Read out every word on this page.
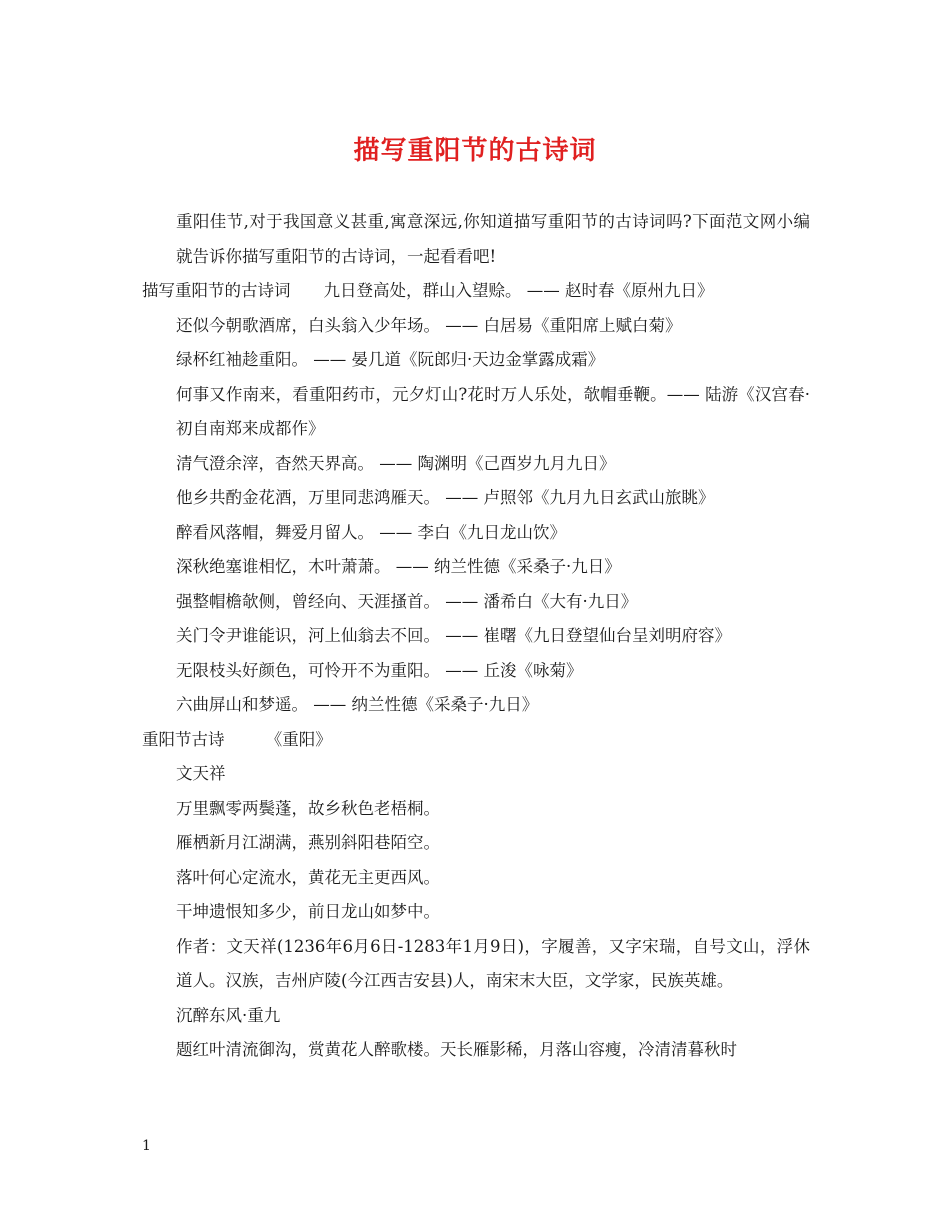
描写重阳节的古诗词

重阳佳节,对于我国意义甚重,寓意深远,你知道描写重阳节的古诗词吗?下面范文网小编就告诉你描写重阳节的古诗词，一起看看吧!

描写重阳节的古诗词　　九日登高处，群山入望赊。 —— 赵时春《原州九日》

还似今朝歌酒席，白头翁入少年场。 —— 白居易《重阳席上赋白菊》

绿杯红袖趁重阳。 —— 晏几道《阮郎归·天边金掌露成霜》

何事又作南来，看重阳药市，元夕灯山?花时万人乐处，欹帽垂鞭。—— 陆游《汉宫春·初自南郑来成都作》

清气澄余滓，杳然天界高。 —— 陶渊明《己酉岁九月九日》

他乡共酌金花酒，万里同悲鸿雁天。 —— 卢照邻《九月九日玄武山旅眺》

醉看风落帽，舞爱月留人。 —— 李白《九日龙山饮》

深秋绝塞谁相忆，木叶萧萧。 —— 纳兰性德《采桑子·九日》

强整帽檐欹侧，曾经向、天涯搔首。 —— 潘希白《大有·九日》

关门令尹谁能识，河上仙翁去不回。 —— 崔曙《九日登望仙台呈刘明府容》

无限枝头好颜色，可怜开不为重阳。 —— 丘浚《咏菊》

六曲屏山和梦遥。 —— 纳兰性德《采桑子·九日》

重阳节古诗　　　《重阳》

文天祥

万里飘零两鬓蓬，故乡秋色老梧桐。

雁栖新月江湖满，燕别斜阳巷陌空。

落叶何心定流水，黄花无主更西风。

干坤遗恨知多少，前日龙山如梦中。

作者：文天祥(1236年6月6日-1283年1月9日)，字履善，又字宋瑞，自号文山，浮休道人。汉族，吉州庐陵(今江西吉安县)人，南宋末大臣，文学家，民族英雄。

沉醉东风·重九

题红叶清流御沟，赏黄花人醉歌楼。天长雁影稀，月落山容瘦，冷清清暮秋时

1
